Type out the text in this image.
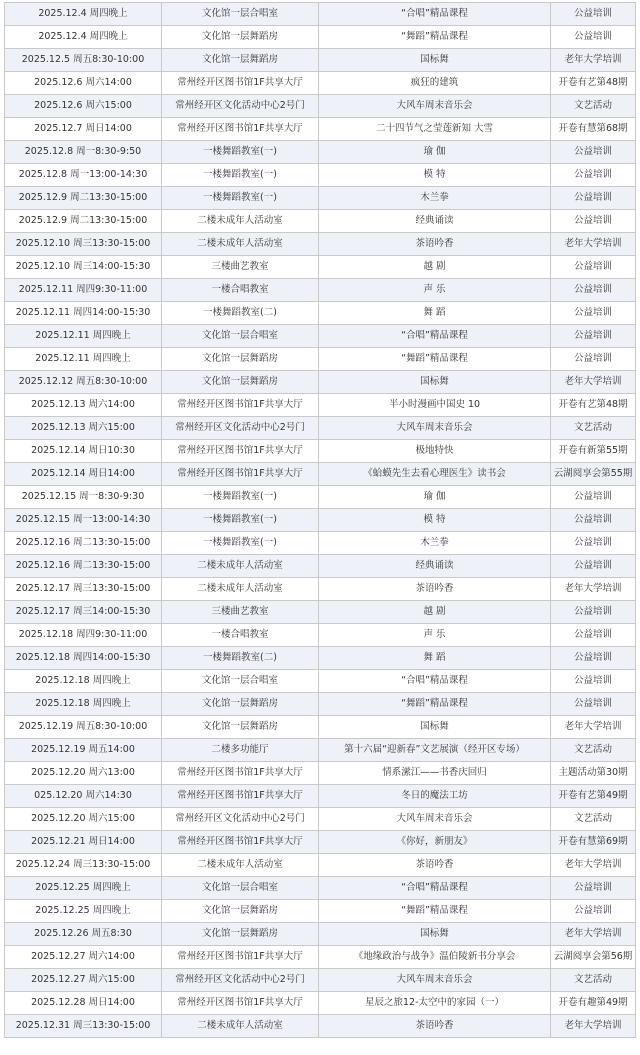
2025.12.4 周四晚上	文化馆一层合唱室	“合唱”精品课程	公益培训
2025.12.4 周四晚上	文化馆一层舞蹈房	“舞蹈”精品课程	公益培训
2025.12.5 周五8:30-10:00	文化馆一层舞蹈房	国标舞	老年大学培训
2025.12.6 周六14:00	常州经开区图书馆1F共享大厅	疯狂的建筑	开卷有艺第48期
2025.12.6 周六15:00	常州经开区文化活动中心2号门	大风车周末音乐会	文艺活动
2025.12.7 周日14:00	常州经开区图书馆1F共享大厅	二十四节气之莹莲新知 大雪	开卷有慧第68期
2025.12.8 周一8:30-9:50	一楼舞蹈教室(一)	瑜 伽	公益培训
2025.12.8 周一13:00-14:30	一楼舞蹈教室(一)	模 特	公益培训
2025.12.9 周二13:30-15:00	一楼舞蹈教室(一)	木兰拳	公益培训
2025.12.9 周二13:30-15:00	二楼未成年人活动室	经典诵读	公益培训
2025.12.10 周三13:30-15:00	二楼未成年人活动室	茶语吟香	老年大学培训
2025.12.10 周三14:00-15:30	三楼曲艺教室	越 剧	公益培训
2025.12.11 周四9:30-11:00	一楼合唱教室	声 乐	公益培训
2025.12.11 周四14:00-15:30	一楼舞蹈教室(二)	舞 蹈	公益培训
2025.12.11 周四晚上	文化馆一层合唱室	“合唱”精品课程	公益培训
2025.12.11 周四晚上	文化馆一层舞蹈房	“舞蹈”精品课程	公益培训
2025.12.12 周五8:30-10:00	文化馆一层舞蹈房	国标舞	老年大学培训
2025.12.13 周六14:00	常州经开区图书馆1F共享大厅	半小时漫画中国史 10	开卷有艺第48期
2025.12.13 周六15:00	常州经开区文化活动中心2号门	大风车周末音乐会	文艺活动
2025.12.14 周日10:30	常州经开区图书馆1F共享大厅	极地特快	开卷有新第55期
2025.12.14 周日14:00	常州经开区图书馆1F共享大厅	《蛤蟆先生去看心理医生》读书会	云湖阅享会第55期
2025.12.15 周一8:30-9:30	一楼舞蹈教室(一)	瑜 伽	公益培训
2025.12.15 周一13:00-14:30	一楼舞蹈教室(一)	模 特	公益培训
2025.12.16 周二13:30-15:00	一楼舞蹈教室(一)	木兰拳	公益培训
2025.12.16 周二13:30-15:00	二楼未成年人活动室	经典诵读	公益培训
2025.12.17 周三13:30-15:00	二楼未成年人活动室	茶语吟香	老年大学培训
2025.12.17 周三14:00-15:30	三楼曲艺教室	越 剧	公益培训
2025.12.18 周四9:30-11:00	一楼合唱教室	声 乐	公益培训
2025.12.18 周四14:00-15:30	一楼舞蹈教室(二)	舞 蹈	公益培训
2025.12.18 周四晚上	文化馆一层合唱室	“合唱”精品课程	公益培训
2025.12.18 周四晚上	文化馆一层舞蹈房	“舞蹈”精品课程	公益培训
2025.12.19 周五8:30-10:00	文化馆一层舞蹈房	国标舞	老年大学培训
2025.12.19 周五14:00	二楼多功能厅	第十六届“迎新春”文艺展演（经开区专场）	文艺活动
2025.12.20 周六13:00	常州经开区图书馆1F共享大厅	情系潆江——书香庆回归	主题活动第30期
025.12.20 周六14:30	常州经开区图书馆1F共享大厅	冬日的魔法工坊	开卷有艺第49期
2025.12.20 周六15:00	常州经开区文化活动中心2号门	大风车周末音乐会	文艺活动
2025.12.21 周日14:00	常州经开区图书馆1F共享大厅	《你好，新朋友》	开卷有慧第69期
2025.12.24 周三13:30-15:00	二楼未成年人活动室	茶语吟香	老年大学培训
2025.12.25 周四晚上	文化馆一层合唱室	“合唱”精品课程	公益培训
2025.12.25 周四晚上	文化馆一层舞蹈房	“舞蹈”精品课程	公益培训
2025.12.26 周五8:30	文化馆一层舞蹈房	国标舞	老年大学培训
2025.12.27 周六14:00	常州经开区图书馆1F共享大厅	《地缘政治与战争》温伯陵新书分享会	云湖阅享会第56期
2025.12.27 周六15:00	常州经开区文化活动中心2号门	大风车周末音乐会	文艺活动
2025.12.28 周日14:00	常州经开区图书馆1F共享大厅	星辰之旅12-太空中的家园（一）	开卷有趣第49期
2025.12.31 周三13:30-15:00	二楼未成年人活动室	茶语吟香	老年大学培训
